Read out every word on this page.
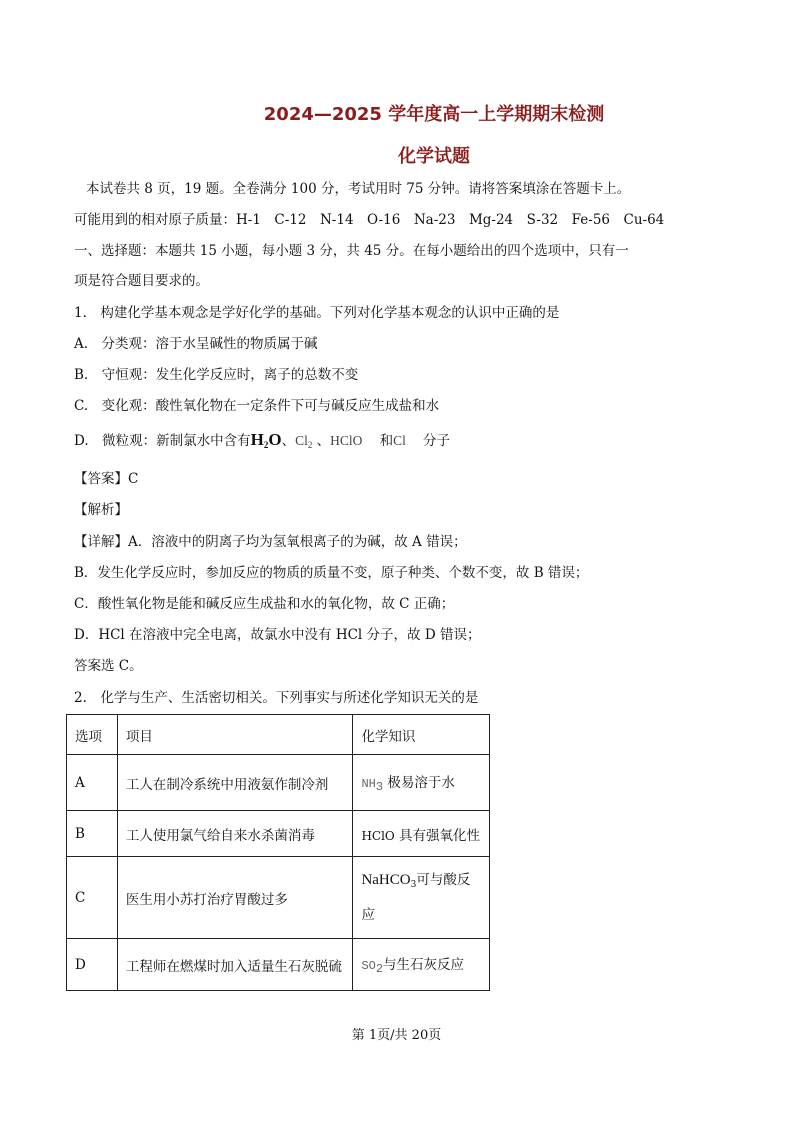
2024—2025 学年度高一上学期期末检测
化学试题
本试卷共 8 页，19 题。全卷满分 100 分，考试用时 75 分钟。请将答案填涂在答题卡上。
可能用到的相对原子质量：H-1　C-12　N-14　O-16　Na-23　Mg-24　S-32　Fe-56　Cu-64
一、选择题：本题共 15 小题，每小题 3 分，共 45 分。在每小题给出的四个选项中，只有一
项是符合题目要求的。
1.　构建化学基本观念是学好化学的基础。下列对化学基本观念的认识中正确的是
A.　分类观：溶于水呈碱性的物质属于碱
B.　守恒观：发生化学反应时，离子的总数不变
C.　变化观：酸性氧化物在一定条件下可与碱反应生成盐和水
D.　微粒观：新制氯水中含有$H_2O$、$Cl_2$ 、HClO 和Cl 分子
【答案】C
【解析】
【详解】A．溶液中的阴离子均为氢氧根离子的为碱，故 A 错误；
B．发生化学反应时，参加反应的物质的质量不变，原子种类、个数不变，故 B 错误；
C．酸性氧化物是能和碱反应生成盐和水的氧化物，故 C 正确；
D．HCl 在溶液中完全电离，故氯水中没有 HCl 分子，故 D 错误；
答案选 C。
2.　化学与生产、生活密切相关。下列事实与所述化学知识无关的是
选项	项目	化学知识
A	工人在制冷系统中用液氨作制冷剂	NH3 极易溶于水
B	工人使用氯气给自来水杀菌消毒	HClO 具有强氧化性
C	医生用小苏打治疗胃酸过多	NaHCO$_3$可与酸反应
D	工程师在燃煤时加入适量生石灰脱硫	SO2与生石灰反应
第 1页/共 20页
